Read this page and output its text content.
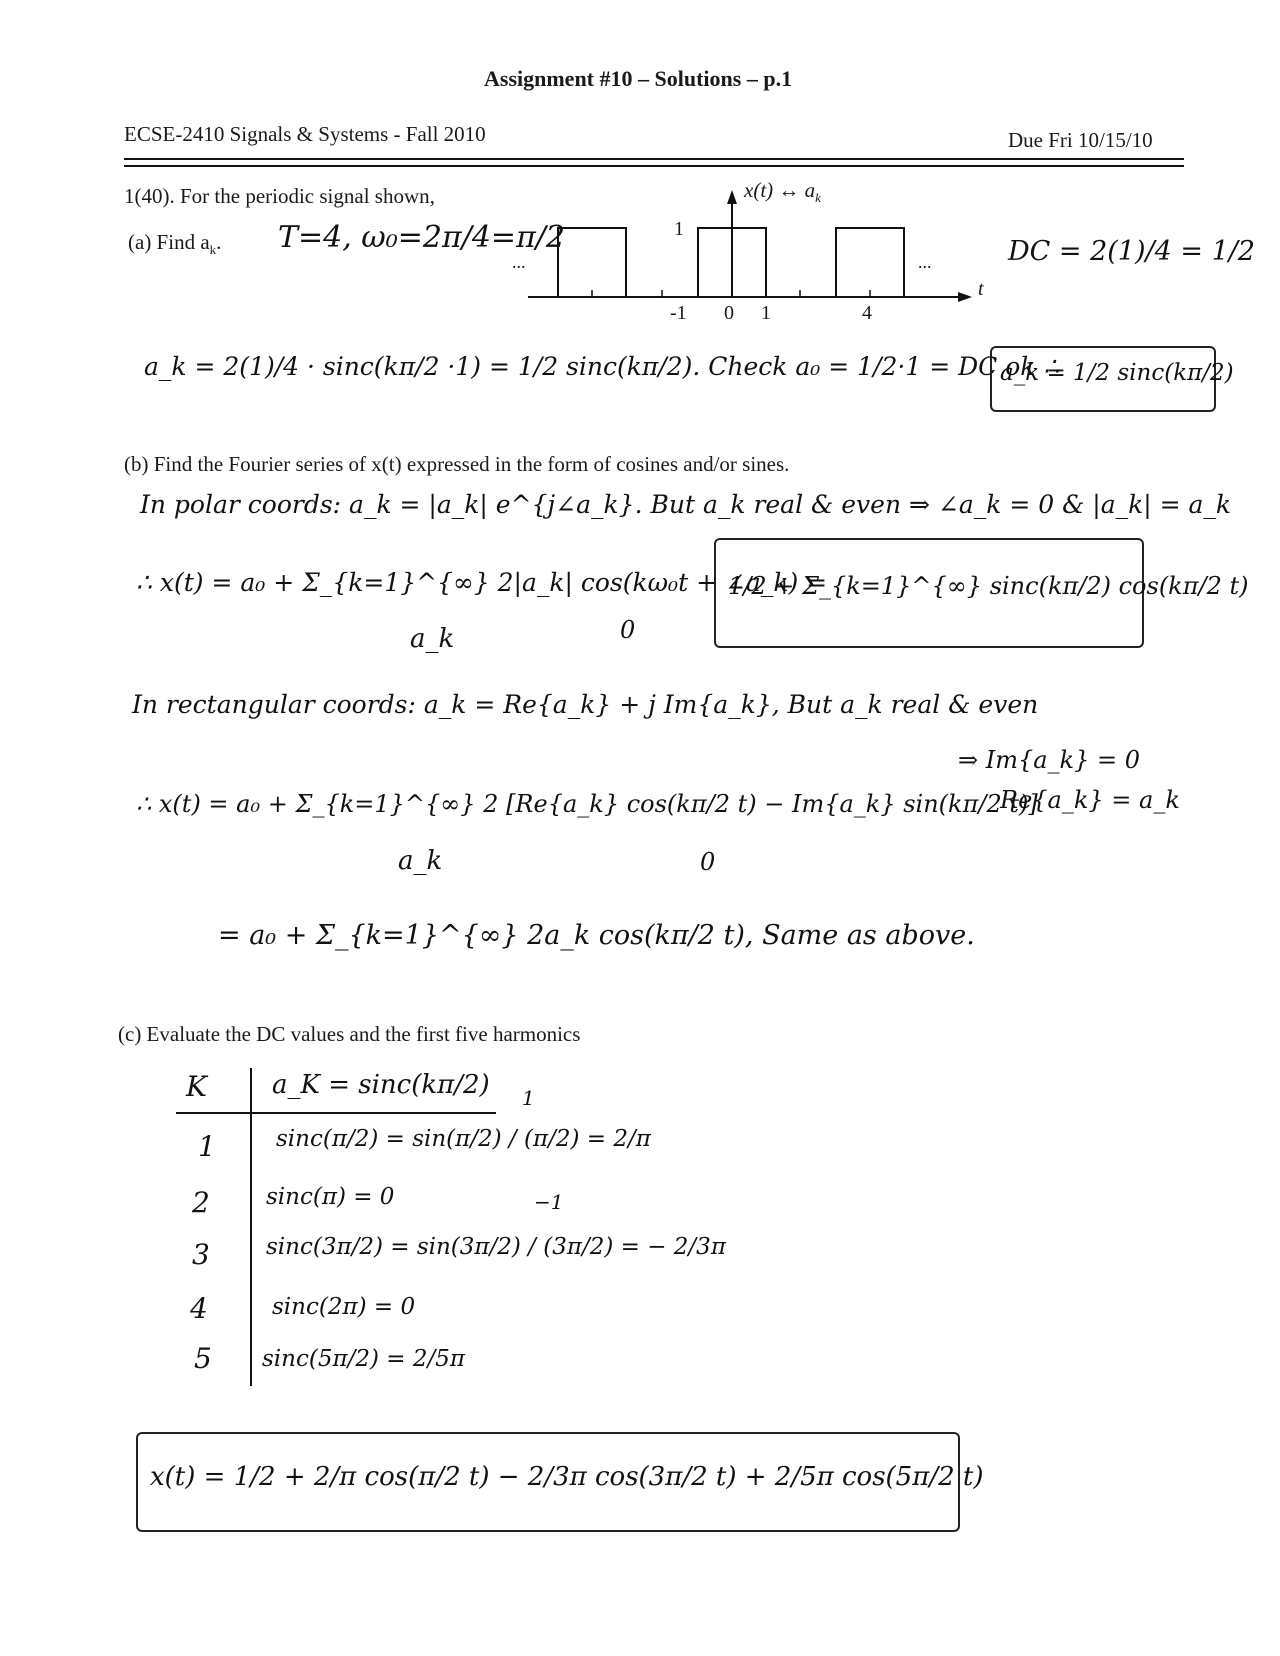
Assignment #10 – Solutions – p.1
ECSE-2410 Signals & Systems - Fall 2010	Due Fri 10/15/10
1(40). For the periodic signal shown,
(a) Find $a_k$. T=4, ω₀=2π/4=π/2	DC = 2(1)/4 = 1/2
x(t) ↔ $a_k$
1
...	...
t
-1 0 1	4
a_k = 2(1)/4 · sinc(kπ/2 ·1) = 1/2 sinc(kπ/2). Check a₀ = 1/2·1 = DC ok ∴
a_k = 1/2 sinc(kπ/2)
(b) Find the Fourier series of x(t) expressed in the form of cosines and/or sines.
In polar coords: a_k = |a_k| e^{j∠a_k}. But a_k real & even ⇒ ∠a_k = 0 & |a_k| = a_k
∴ x(t) = a₀ + Σ_{k=1}^{∞} 2|a_k| cos(kω₀t + ∠a_k) =
a_k	0
1/2 + Σ_{k=1}^{∞} sinc(kπ/2) cos(kπ/2 t)
In rectangular coords: a_k = Re{a_k} + j Im{a_k}, But a_k real & even
⇒ Im{a_k} = 0
Re{a_k} = a_k
∴ x(t) = a₀ + Σ_{k=1}^{∞} 2 [Re{a_k} cos(kπ/2 t) − Im{a_k} sin(kπ/2 t)]
a_k	0
= a₀ + Σ_{k=1}^{∞} 2a_k cos(kπ/2 t), Same as above.
(c) Evaluate the DC values and the first five harmonics
K	a_K = sinc(kπ/2)
1	sinc(π/2) = sin(π/2) / (π/2) = 2/π
1
2 sinc(π) = 0	−1
3 sinc(3π/2) = sin(3π/2) / (3π/2) = − 2/3π
4	sinc(2π) = 0
5 sinc(5π/2) = 2/5π
x(t) = 1/2 + 2/π cos(π/2 t) − 2/3π cos(3π/2 t) + 2/5π cos(5π/2 t)
